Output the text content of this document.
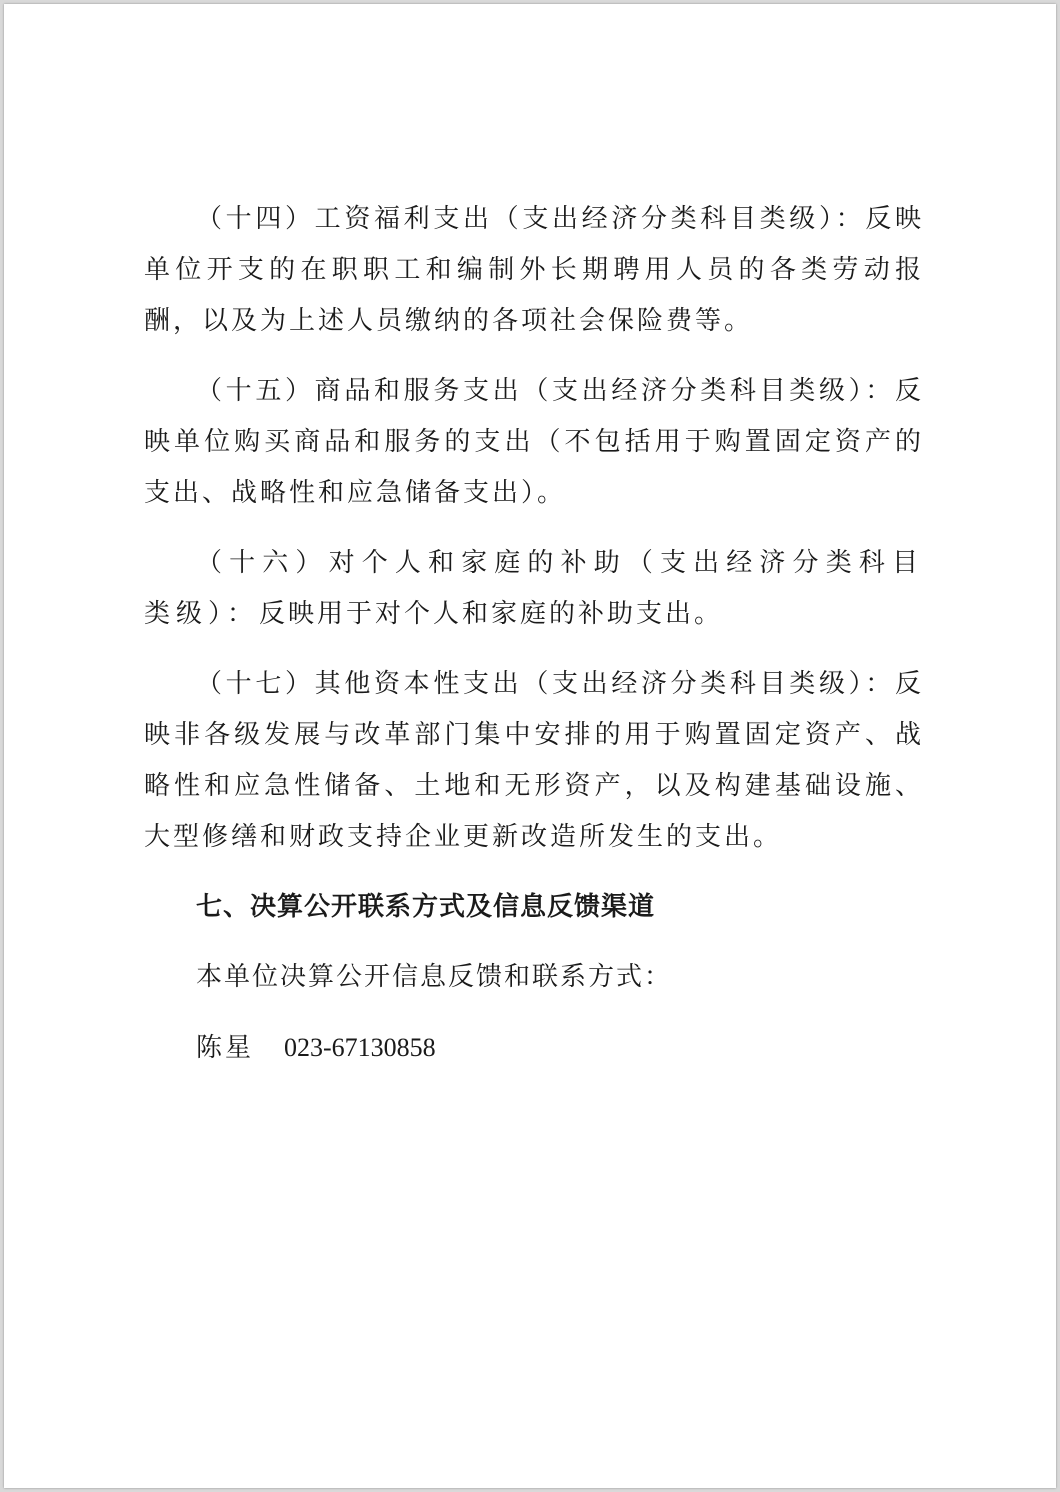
（十四）工资福利支出（支出经济分类科目类级）：反映单位开支的在职职工和编制外长期聘用人员的各类劳动报酬，以及为上述人员缴纳的各项社会保险费等。

（十五）商品和服务支出（支出经济分类科目类级）：反映单位购买商品和服务的支出（不包括用于购置固定资产的支出、战略性和应急储备支出）。

（十六）对个人和家庭的补助（支出经济分类科目类级）：反映用于对个人和家庭的补助支出。

（十七）其他资本性支出（支出经济分类科目类级）：反映非各级发展与改革部门集中安排的用于购置固定资产、战略性和应急性储备、土地和无形资产，以及构建基础设施、大型修缮和财政支持企业更新改造所发生的支出。

七、决算公开联系方式及信息反馈渠道

本单位决算公开信息反馈和联系方式：

陈星 023-67130858
